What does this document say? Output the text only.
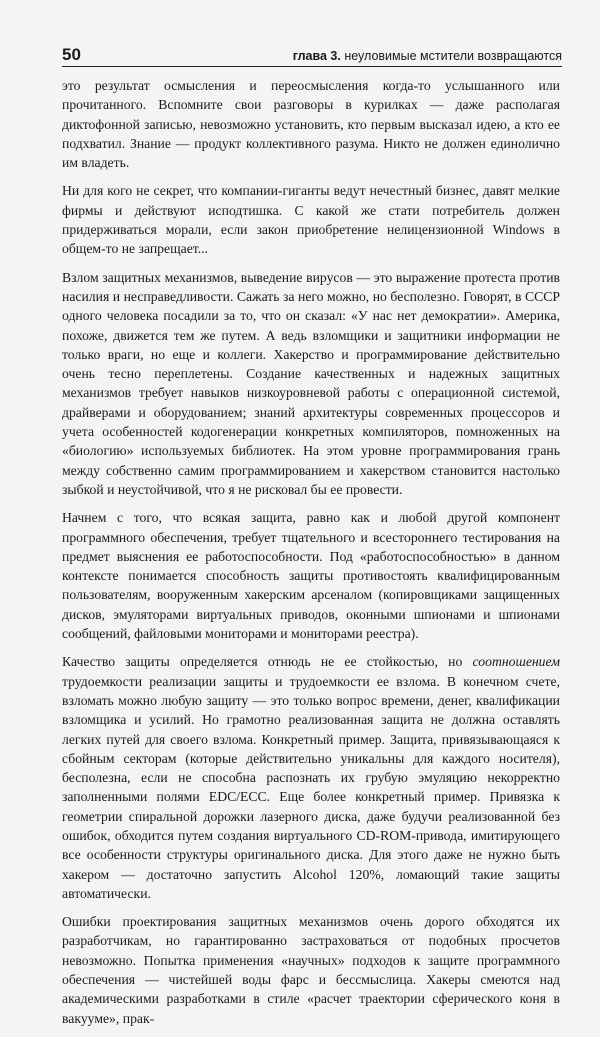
50	глава 3. неуловимые мстители возвращаются

это результат осмысления и переосмысления когда-то услышанного или прочитанного. Вспомните свои разговоры в курилках — даже располагая диктофонной записью, невозможно установить, кто первым высказал идею, а кто ее подхватил. Знание — продукт коллективного разума. Никто не должен единолично им владеть.

Ни для кого не секрет, что компании-гиганты ведут нечестный бизнес, давят мелкие фирмы и действуют исподтишка. С какой же стати потребитель должен придерживаться морали, если закон приобретение нелицензионной Windows в общем-то не запрещает...

Взлом защитных механизмов, выведение вирусов — это выражение протеста против насилия и несправедливости. Сажать за него можно, но бесполезно. Говорят, в СССР одного человека посадили за то, что он сказал: «У нас нет демократии». Америка, похоже, движется тем же путем. А ведь взломщики и защитники информации не только враги, но еще и коллеги. Хакерство и программирование действительно очень тесно переплетены. Создание качественных и надежных защитных механизмов требует навыков низкоуровневой работы с операционной системой, драйверами и оборудованием; знаний архитектуры современных процессоров и учета особенностей кодогенерации конкретных компиляторов, помноженных на «биологию» используемых библиотек. На этом уровне программирования грань между собственно самим программированием и хакерством становится настолько зыбкой и неустойчивой, что я не рисковал бы ее провести.

Начнем с того, что всякая защита, равно как и любой другой компонент программного обеспечения, требует тщательного и всестороннего тестирования на предмет выяснения ее работоспособности. Под «работоспособностью» в данном контексте понимается способность защиты противостоять квалифицированным пользователям, вооруженным хакерским арсеналом (копировщиками защищенных дисков, эмуляторами виртуальных приводов, оконными шпионами и шпионами сообщений, файловыми мониторами и мониторами реестра).

Качество защиты определяется отнюдь не ее стойкостью, но соотношением трудоемкости реализации защиты и трудоемкости ее взлома. В конечном счете, взломать можно любую защиту — это только вопрос времени, денег, квалификации взломщика и усилий. Но грамотно реализованная защита не должна оставлять легких путей для своего взлома. Конкретный пример. Защита, привязывающаяся к сбойным секторам (которые действительно уникальны для каждого носителя), бесполезна, если не способна распознать их грубую эмуляцию некорректно заполненными полями EDC/ECC. Еще более конкретный пример. Привязка к геометрии спиральной дорожки лазерного диска, даже будучи реализованной без ошибок, обходится путем создания виртуального CD-ROM-привода, имитирующего все особенности структуры оригинального диска. Для этого даже не нужно быть хакером — достаточно запустить Alcohol 120%, ломающий такие защиты автоматически.

Ошибки проектирования защитных механизмов очень дорого обходятся их разработчикам, но гарантированно застраховаться от подобных просчетов невозможно. Попытка применения «научных» подходов к защите программного обеспечения — чистейшей воды фарс и бессмыслица. Хакеры смеются над академическими разработками в стиле «расчет траектории сферического коня в вакууме», прак-
